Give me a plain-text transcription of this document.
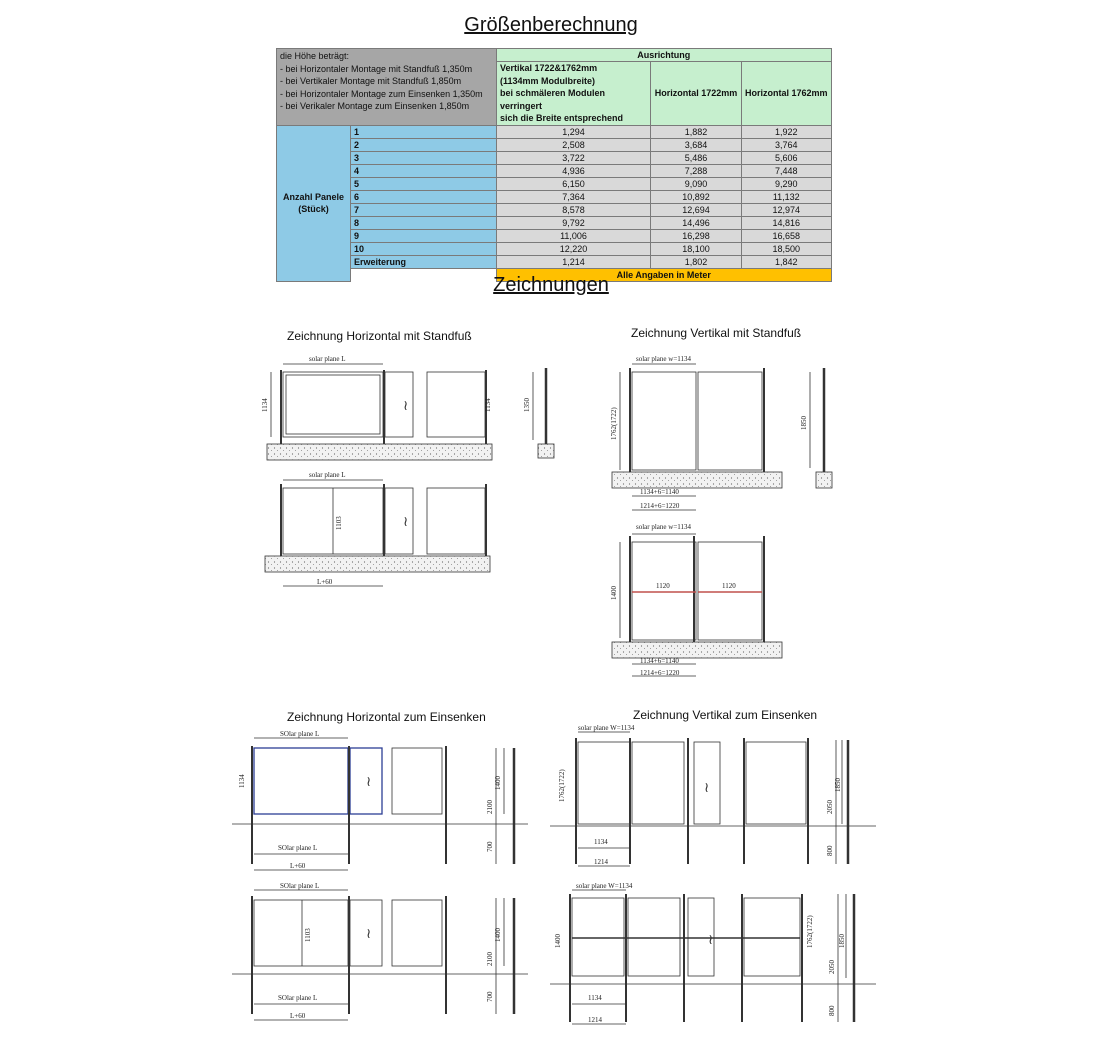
Größenberechnung
die Höhe beträgt:
- bei Horizontaler Montage mit Standfuß 1,350m
- bei Vertikaler Montage mit Standfuß 1,850m
- bei Horizontaler Montage zum Einsenken 1,350m
- bei Verikaler Montage zum Einsenken 1,850m		Ausrichtung		

		Vertikal 1722&1762mm
(1134mm Modulbreite)
bei schmäleren Modulen verringert
sich die Breite entsprechend	Horizontal 1722mm	Horizontal 1762mm

Anzahl Panele
(Stück)	1	1,294	1,882	1,922
	2	2,508	3,684	3,764
	3	3,722	5,486	5,606
	4	4,936	7,288	7,448
	5	6,150	9,090	9,290
	6	7,364	10,892	11,132
	7	8,578	12,694	12,974
	8	9,792	14,496	14,816
	9	11,006	16,298	16,658
	10	12,220	18,100	18,500
	Erweiterung	1,214	1,802	1,842
		Alle Angaben in Meter		
Zeichnungen
Zeichnung Horizontal mit Standfuß	Zeichnung Vertikal mit Standfuß
Zeichnung Horizontal zum Einsenken	Zeichnung Vertikal zum Einsenken
solar plane L
solar plane L
L+60
1134	1134	1350
1103
≀
≀
solar plane w=1134
solar plane w=1134
1134+6=1140
1214+6=1220
1134+6=1140
1214+6=1220
1762(1722)	1850
1400	1120	1120
SOlar plane L
SOlar plane L
L+60
SOlar plane L
SOlar plane L
L+60
1134	1400
2100
700
1103	1400
2100
700
≀
≀
solar plane W=1134
solar plane W=1134
1134
1214
1134
1214
1762(1722)	1850
2050
800
1400	1762(1722)	1850
2050
800
≀
≀
